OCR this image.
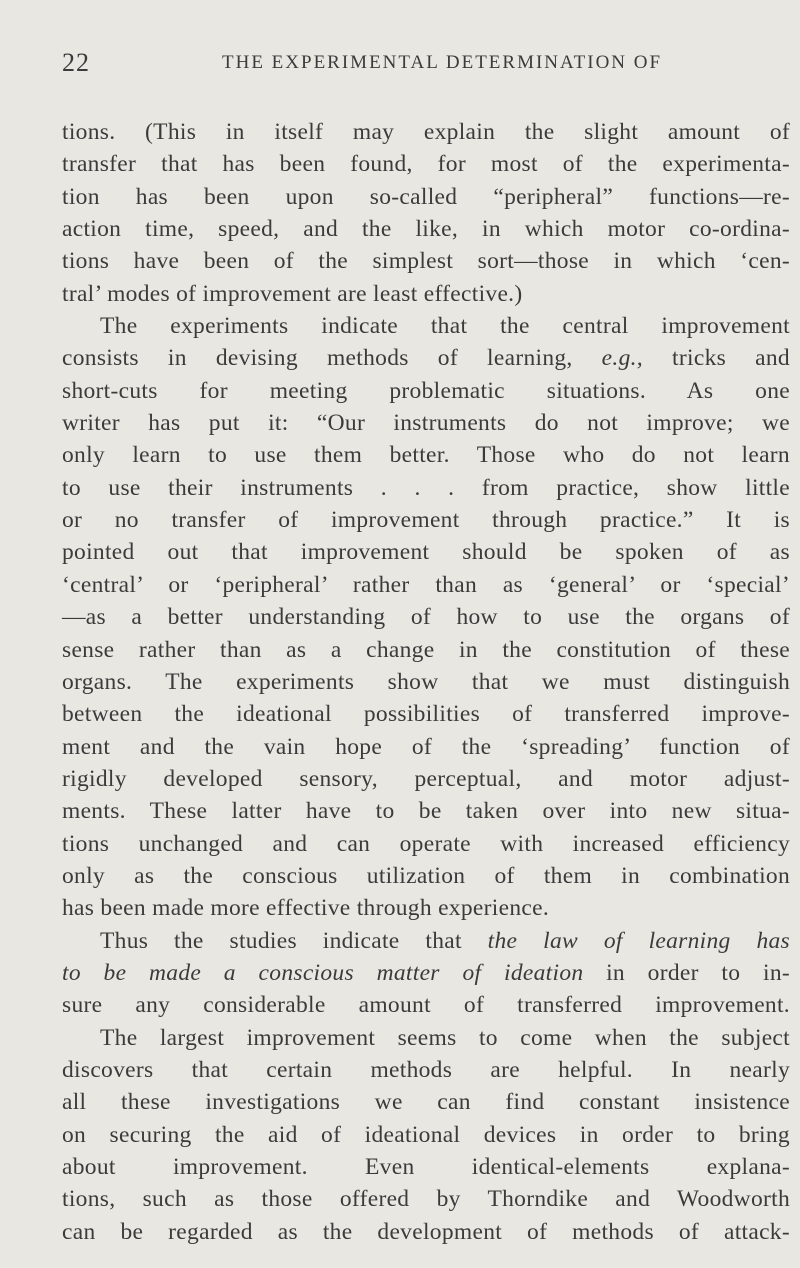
22	THE EXPERIMENTAL DETERMINATION OF
tions. (This in itself may explain the slight amount of
transfer that has been found, for most of the experimenta-
tion has been upon so-called “peripheral” functions—re-
action time, speed, and the like, in which motor co-ordina-
tions have been of the simplest sort—those in which ‘cen-
tral’ modes of improvement are least effective.)
The experiments indicate that the central improvement
consists in devising methods of learning, e.g., tricks and
short-cuts for meeting problematic situations. As one
writer has put it: “Our instruments do not improve; we
only learn to use them better. Those who do not learn
to use their instruments . . . from practice, show little
or no transfer of improvement through practice.” It is
pointed out that improvement should be spoken of as
‘central’ or ‘peripheral’ rather than as ‘general’ or ‘special’
—as a better understanding of how to use the organs of
sense rather than as a change in the constitution of these
organs. The experiments show that we must distinguish
between the ideational possibilities of transferred improve-
ment and the vain hope of the ‘spreading’ function of
rigidly developed sensory, perceptual, and motor adjust-
ments. These latter have to be taken over into new situa-
tions unchanged and can operate with increased efficiency
only as the conscious utilization of them in combination
has been made more effective through experience.
Thus the studies indicate that the law of learning has
to be made a conscious matter of ideation in order to in-
sure any considerable amount of transferred improvement.
The largest improvement seems to come when the subject
discovers that certain methods are helpful. In nearly
all these investigations we can find constant insistence
on securing the aid of ideational devices in order to bring
about improvement. Even identical-elements explana-
tions, such as those offered by Thorndike and Woodworth
can be regarded as the development of methods of attack-
